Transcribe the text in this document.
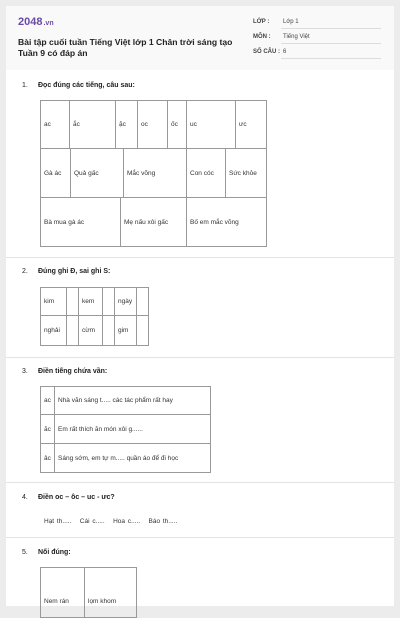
2048.vn
Bài tập cuối tuần Tiếng Việt lớp 1 Chân trời sáng tạo Tuần 9 có đáp án
LỚP : Lớp 1
MÔN : Tiếng Việt
SỐ CÂU : 6
1. Đọc đúng các tiếng, câu sau:
ac	ắc	ặc	oc	ốc	uc	ưc
Gà ác	Quả gấc	Mắc võng	Con cóc	Sức khỏe
Bà mua gà ác	Mẹ nấu xôi gấc	Bố em mắc võng
2. Đúng ghi Đ, sai ghi S:
kim		kem		ngày	
nghải		cừm		gim	
3. Điền tiếng chứa vần:
ac	Nhà văn sáng t..... các tác phẩm rất hay
ăc	Em rất thích ăn món xôi g......
âc	Sáng sớm, em tự m..... quần áo để đi học
4. Điền oc – ôc – uc - ưc?
Hạt th..... Cái c..... Hoa c..... Báo th.....
5. Nối đúng:
Nem rán	lọm khom
